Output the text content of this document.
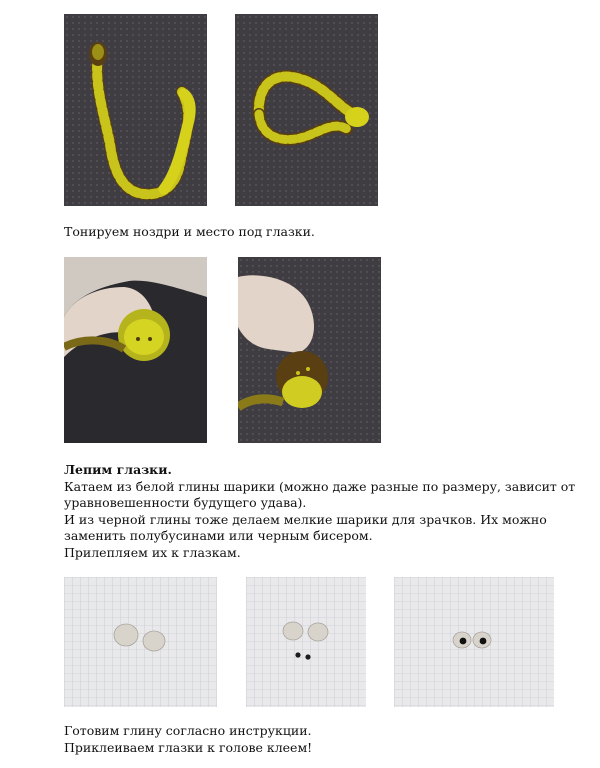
Тонируем ноздри и место под глазки.

Лепим глазки.

Катаем из белой глины шарики (можно даже разные по размеру, зависит от

уравновешенности будущего удава).

И из черной глины тоже делаем мелкие шарики для зрачков. Их можно

заменить полубусинами или черным бисером.

Прилепляем их к глазкам.

Готовим глину согласно инструкции.

Приклеиваем глазки к голове клеем!
